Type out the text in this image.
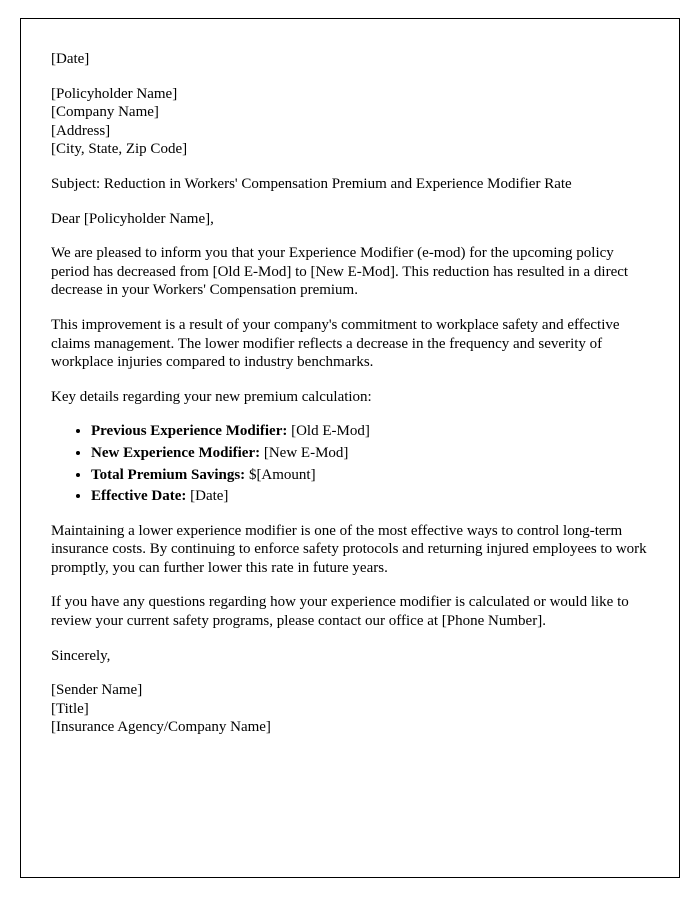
[Date]

[Policyholder Name]

[Company Name]

[Address]

[City, State, Zip Code]

Subject: Reduction in Workers' Compensation Premium and Experience Modifier Rate

Dear [Policyholder Name],

We are pleased to inform you that your Experience Modifier (e-mod) for the upcoming policy period has decreased from [Old E-Mod] to [New E-Mod]. This reduction has resulted in a direct decrease in your Workers' Compensation premium.

This improvement is a result of your company's commitment to workplace safety and effective claims management. The lower modifier reflects a decrease in the frequency and severity of workplace injuries compared to industry benchmarks.

Key details regarding your new premium calculation:

• Previous Experience Modifier: [Old E-Mod]
• New Experience Modifier: [New E-Mod]
• Total Premium Savings: $[Amount]
• Effective Date: [Date]

Maintaining a lower experience modifier is one of the most effective ways to control long-term insurance costs. By continuing to enforce safety protocols and returning injured employees to work promptly, you can further lower this rate in future years.

If you have any questions regarding how your experience modifier is calculated or would like to review your current safety programs, please contact our office at [Phone Number].

Sincerely,

[Sender Name]

[Title]

[Insurance Agency/Company Name]
